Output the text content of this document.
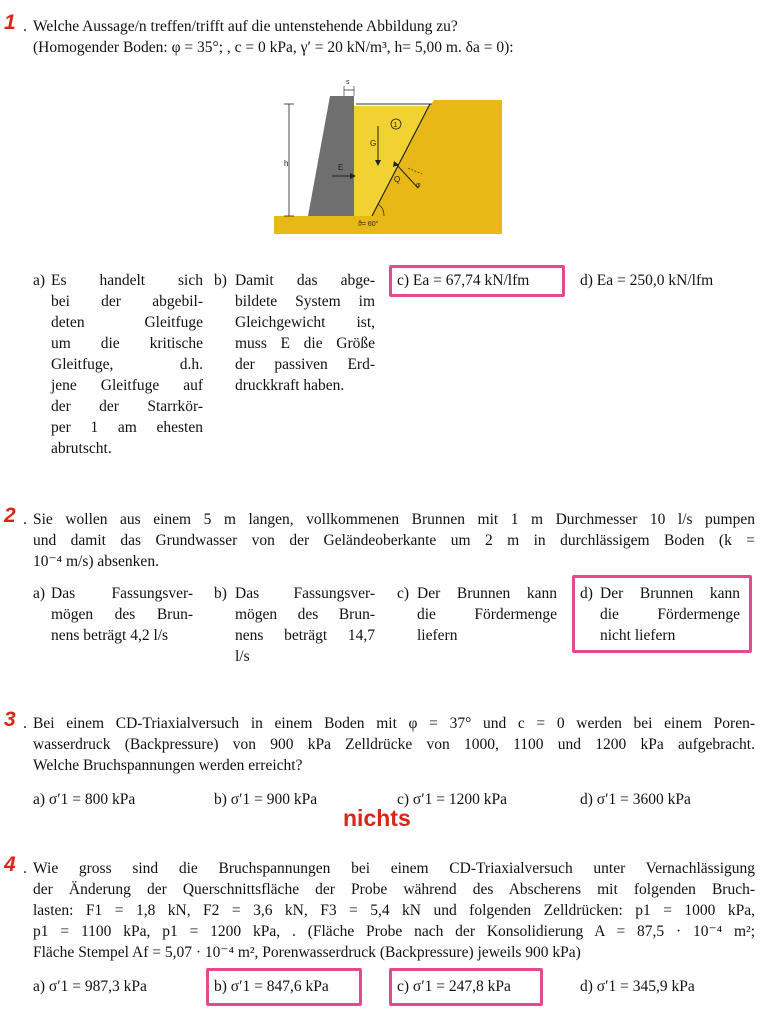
1 . Welche Aussage/n treffen/trifft auf die untenstehende Abbildung zu?
(Homogender Boden: φ = 35°; , c = 0 kPa, γ′ = 20 kN/m³, h= 5,00 m. δa = 0):
h
s
G
1
E
Q
φ
ϑ= 60°
a) Es handelt sich
bei der abgebil-
deten Gleitfuge
um die kritische
Gleitfuge, d.h.
jene Gleitfuge auf
der der Starrkör-
per 1 am ehesten
abrutscht.
b) Damit das abge-
bildete System im
Gleichgewicht ist,
muss E die Größe
der passiven Erd-
druckkraft haben.
c) Ea = 67,74 kN/lfm	d) Ea = 250,0 kN/lfm
2 . Sie wollen aus einem 5 m langen, vollkommenen Brunnen mit 1 m Durchmesser 10 l/s pumpen
und damit das Grundwasser von der Geländeoberkante um 2 m in durchlässigem Boden (k =
10⁻⁴ m/s) absenken.
a) Das Fassungsver-
mögen des Brun-
nens beträgt 4,2 l/s
b) Das Fassungsver-
mögen des Brun-
nens beträgt 14,7
l/s
c) Der Brunnen kann
die Fördermenge
liefern
d) Der Brunnen kann
die Fördermenge
nicht liefern
3 . Bei einem CD-Triaxialversuch in einem Boden mit φ = 37° und c = 0 werden bei einem Poren-
wasserdruck (Backpressure) von 900 kPa Zelldrücke von 1000, 1100 und 1200 kPa aufgebracht.
Welche Bruchspannungen werden erreicht?
a) σ′1 = 800 kPa	b) σ′1 = 900 kPa	c) σ′1 = 1200 kPa	d) σ′1 = 3600 kPa
nichts
4 . Wie gross sind die Bruchspannungen bei einem CD-Triaxialversuch unter Vernachlässigung
der Änderung der Querschnittsfläche der Probe während des Abscherens mit folgenden Bruch-
lasten: F1 = 1,8 kN, F2 = 3,6 kN, F3 = 5,4 kN und folgenden Zelldrücken: p1 = 1000 kPa,
p1 = 1100 kPa, p1 = 1200 kPa, . (Fläche Probe nach der Konsolidierung A = 87,5 · 10⁻⁴ m²;
Fläche Stempel Af = 5,07 · 10⁻⁴ m², Porenwasserdruck (Backpressure) jeweils 900 kPa)
a) σ′1 = 987,3 kPa	b) σ′1 = 847,6 kPa	c) σ′1 = 247,8 kPa	d) σ′1 = 345,9 kPa
